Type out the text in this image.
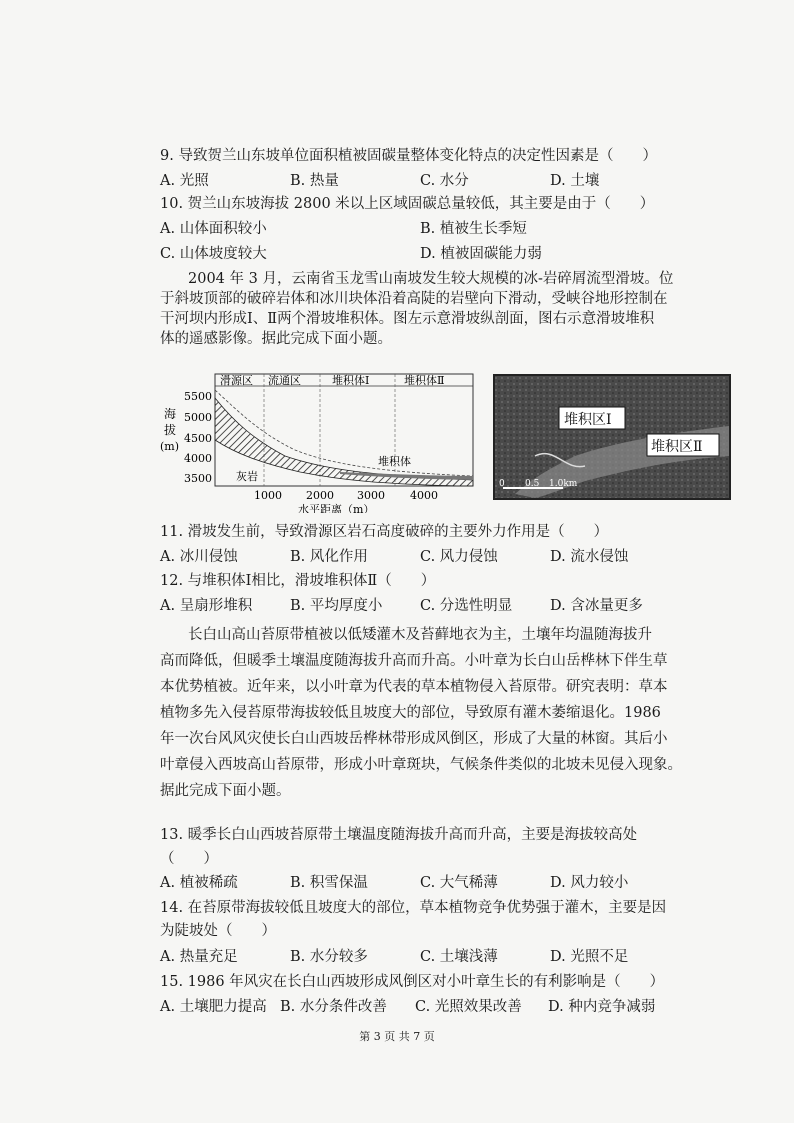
9. 导致贺兰山东坡单位面积植被固碳量整体变化特点的决定性因素是（　　）
A. 光照	B. 热量	C. 水分	D. 土壤
10. 贺兰山东坡海拔 2800 米以上区域固碳总量较低，其主要是由于（　　）
A. 山体面积较小	B. 植被生长季短
C. 山体坡度较大	D. 植被固碳能力弱
2004 年 3 月，云南省玉龙雪山南坡发生较大规模的冰-岩碎屑流型滑坡。位
于斜坡顶部的破碎岩体和冰川块体沿着高陡的岩壁向下滑动，受峡谷地形控制在
干河坝内形成Ⅰ、Ⅱ两个滑坡堆积体。图左示意滑坡纵剖面，图右示意滑坡堆积
体的遥感影像。据此完成下面小题。
滑源区 流通区	堆积体Ⅰ	堆积体Ⅱ
5500
5000
4500
4000
3500
海
拔
(m)
灰岩
堆积体
1000 2000 3000 4000
水平距离（m）
堆积区Ⅰ
堆积区Ⅱ
0 0.5 1.0km
11. 滑坡发生前，导致滑源区岩石高度破碎的主要外力作用是（　　）
A. 冰川侵蚀	B. 风化作用	C. 风力侵蚀	D. 流水侵蚀
12. 与堆积体Ⅰ相比，滑坡堆积体Ⅱ（　　）
A. 呈扇形堆积	B. 平均厚度小	C. 分选性明显	D. 含冰量更多
长白山高山苔原带植被以低矮灌木及苔藓地衣为主，土壤年均温随海拔升
高而降低，但暖季土壤温度随海拔升高而升高。小叶章为长白山岳桦林下伴生草
本优势植被。近年来，以小叶章为代表的草本植物侵入苔原带。研究表明：草本
植物多先入侵苔原带海拔较低且坡度大的部位，导致原有灌木萎缩退化。1986
年一次台风风灾使长白山西坡岳桦林带形成风倒区，形成了大量的林窗。其后小
叶章侵入西坡高山苔原带，形成小叶章斑块，气候条件类似的北坡未见侵入现象。
据此完成下面小题。
13. 暖季长白山西坡苔原带土壤温度随海拔升高而升高，主要是海拔较高处
（　　）
A. 植被稀疏	B. 积雪保温	C. 大气稀薄	D. 风力较小
14. 在苔原带海拔较低且坡度大的部位，草本植物竞争优势强于灌木，主要是因
为陡坡处（　　）
A. 热量充足	B. 水分较多	C. 土壤浅薄	D. 光照不足
15. 1986 年风灾在长白山西坡形成风倒区对小叶章生长的有利影响是（　　）
A. 土壤肥力提高 B. 水分条件改善 C. 光照效果改善 D. 种内竞争减弱
第 3 页 共 7 页
